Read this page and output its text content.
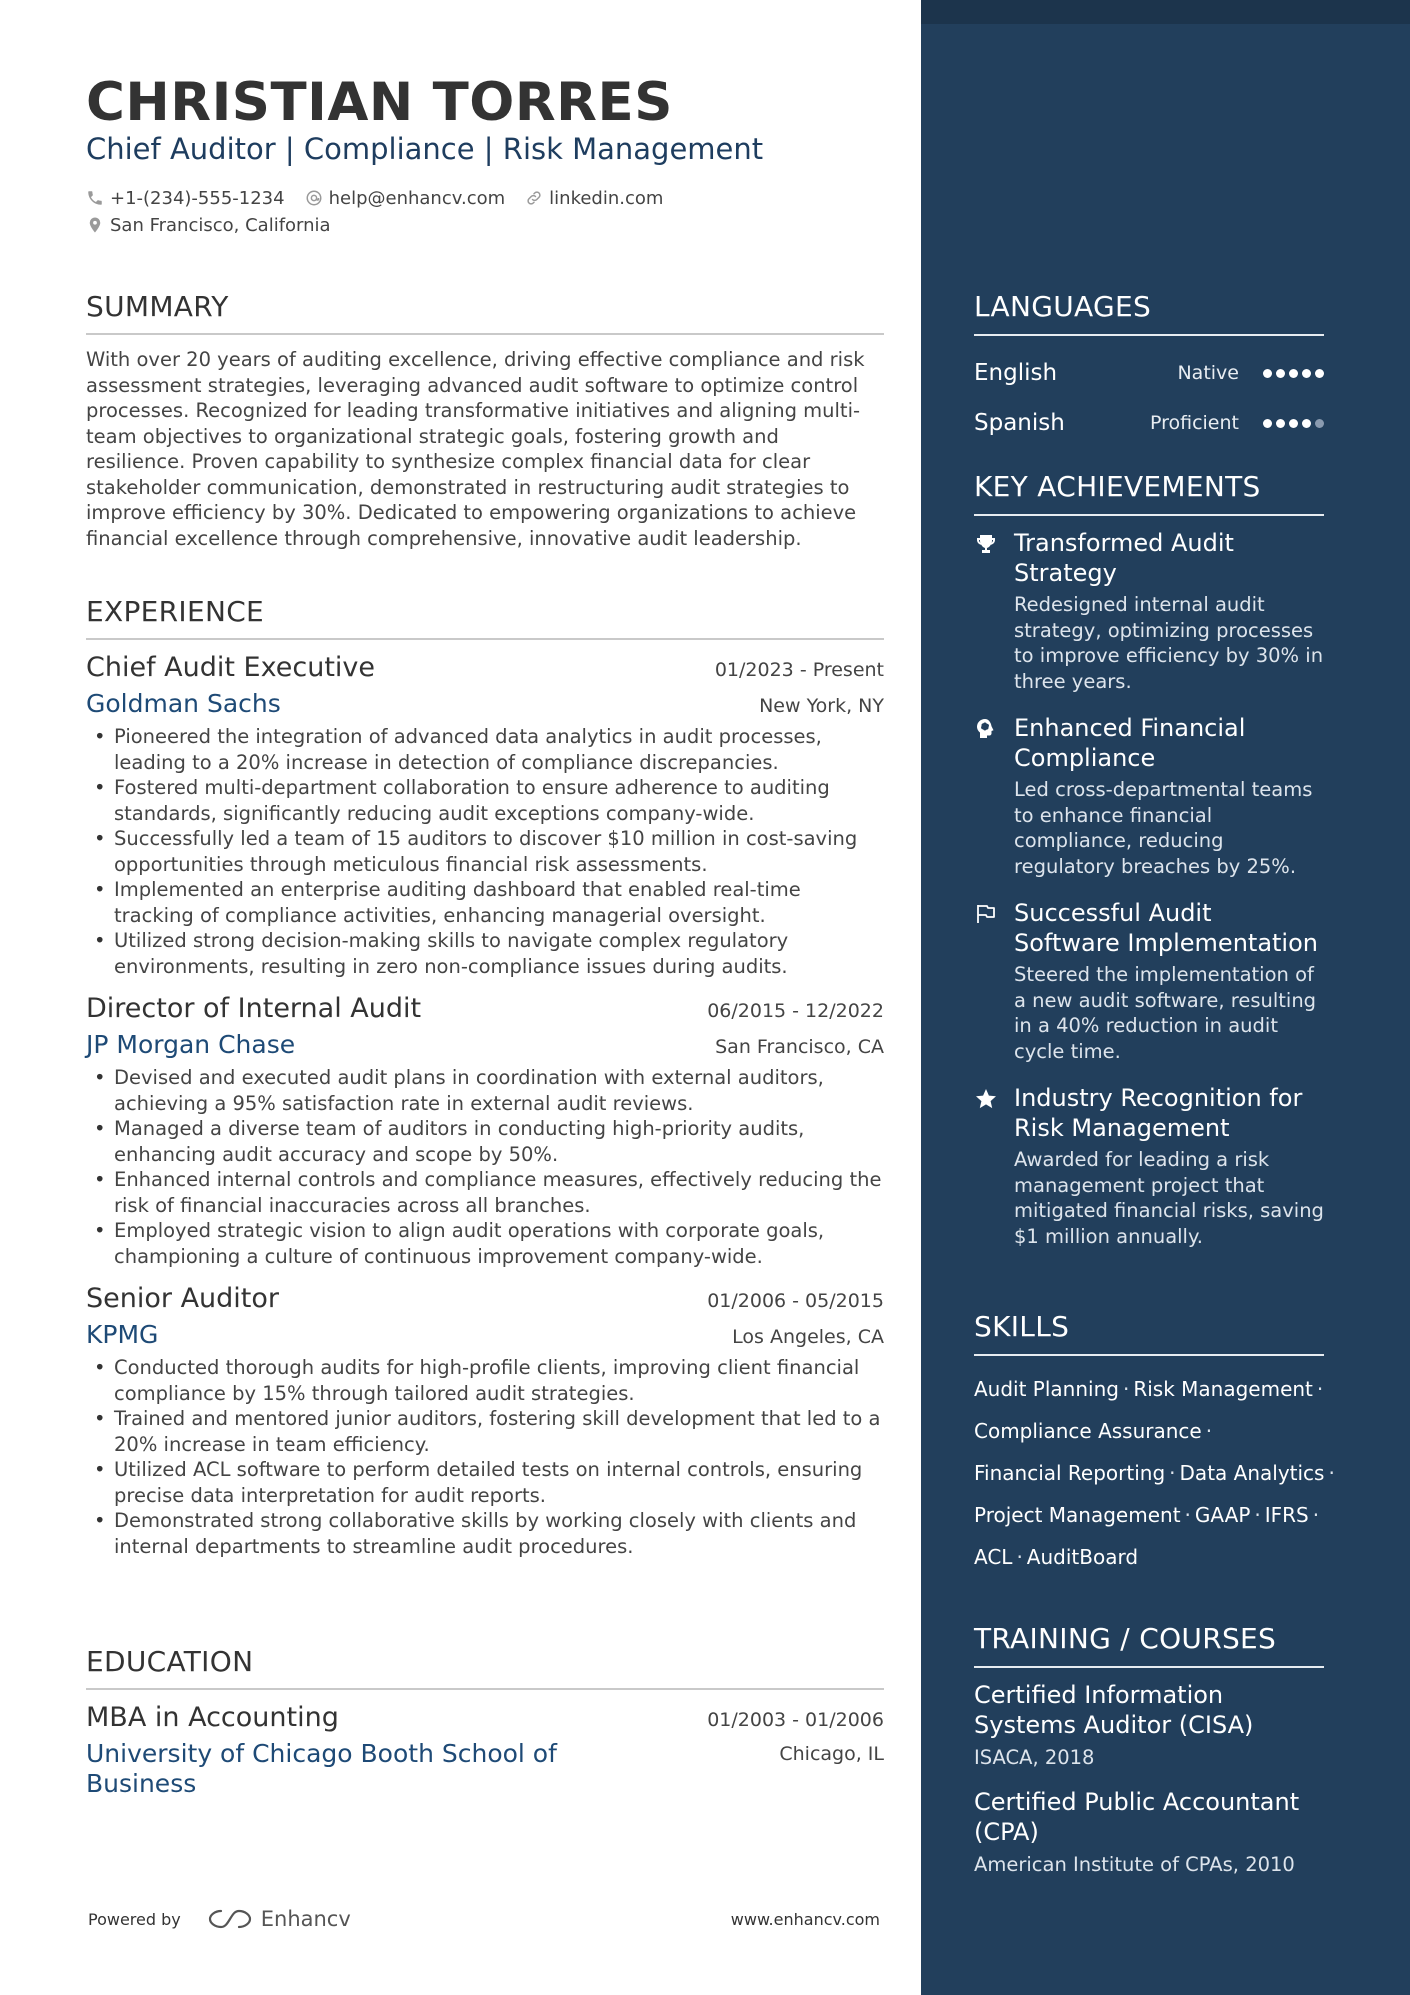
CHRISTIAN TORRES
Chief Auditor | Compliance | Risk Management
+1-(234)-555-1234 help@enhancv.com linkedin.com
San Francisco, California
SUMMARY

With over 20 years of auditing excellence, driving effective compliance and risk assessment strategies, leveraging advanced audit software to optimize control processes. Recognized for leading transformative initiatives and aligning multi-team objectives to organizational strategic goals, fostering growth and resilience. Proven capability to synthesize complex financial data for clear stakeholder communication, demonstrated in restructuring audit strategies to improve efficiency by 30%. Dedicated to empowering organizations to achieve financial excellence through comprehensive, innovative audit leadership.

EXPERIENCE
Chief Audit Executive	01/2023 - Present
Goldman Sachs	New York, NY
• Pioneered the integration of advanced data analytics in audit processes, leading to a 20% increase in detection of compliance discrepancies.
• Fostered multi-department collaboration to ensure adherence to auditing standards, significantly reducing audit exceptions company-wide.
• Successfully led a team of 15 auditors to discover $10 million in cost-saving opportunities through meticulous financial risk assessments.
• Implemented an enterprise auditing dashboard that enabled real-time tracking of compliance activities, enhancing managerial oversight.
• Utilized strong decision-making skills to navigate complex regulatory environments, resulting in zero non-compliance issues during audits.
Director of Internal Audit	06/2015 - 12/2022
JP Morgan Chase	San Francisco, CA
• Devised and executed audit plans in coordination with external auditors, achieving a 95% satisfaction rate in external audit reviews.
• Managed a diverse team of auditors in conducting high-priority audits, enhancing audit accuracy and scope by 50%.
• Enhanced internal controls and compliance measures, effectively reducing the risk of financial inaccuracies across all branches.
• Employed strategic vision to align audit operations with corporate goals, championing a culture of continuous improvement company-wide.
Senior Auditor	01/2006 - 05/2015
KPMG	Los Angeles, CA
• Conducted thorough audits for high-profile clients, improving client financial compliance by 15% through tailored audit strategies.
• Trained and mentored junior auditors, fostering skill development that led to a 20% increase in team efficiency.
• Utilized ACL software to perform detailed tests on internal controls, ensuring precise data interpretation for audit reports.
• Demonstrated strong collaborative skills by working closely with clients and internal departments to streamline audit procedures.
EDUCATION
MBA in Accounting	01/2003 - 01/2006
University of Chicago Booth School of Business
Chicago, IL
Powered by	Enhancv	www.enhancv.com
LANGUAGES
English	Native
Spanish	Proficient
KEY ACHIEVEMENTS
Transformed Audit Strategy
Redesigned internal audit strategy, optimizing processes to improve efficiency by 30% in three years.
Enhanced Financial Compliance
Led cross-departmental teams to enhance financial compliance, reducing regulatory breaches by 25%.
Successful Audit Software Implementation
Steered the implementation of a new audit software, resulting in a 40% reduction in audit cycle time.
Industry Recognition for Risk Management
Awarded for leading a risk management project that mitigated financial risks, saving $1 million annually.
SKILLS
Audit Planning · Risk Management ·
Compliance Assurance ·
Financial Reporting · Data Analytics ·
Project Management · GAAP · IFRS ·
ACL · AuditBoard
TRAINING / COURSES
Certified Information Systems Auditor (CISA)
ISACA, 2018
Certified Public Accountant (CPA)
American Institute of CPAs, 2010
